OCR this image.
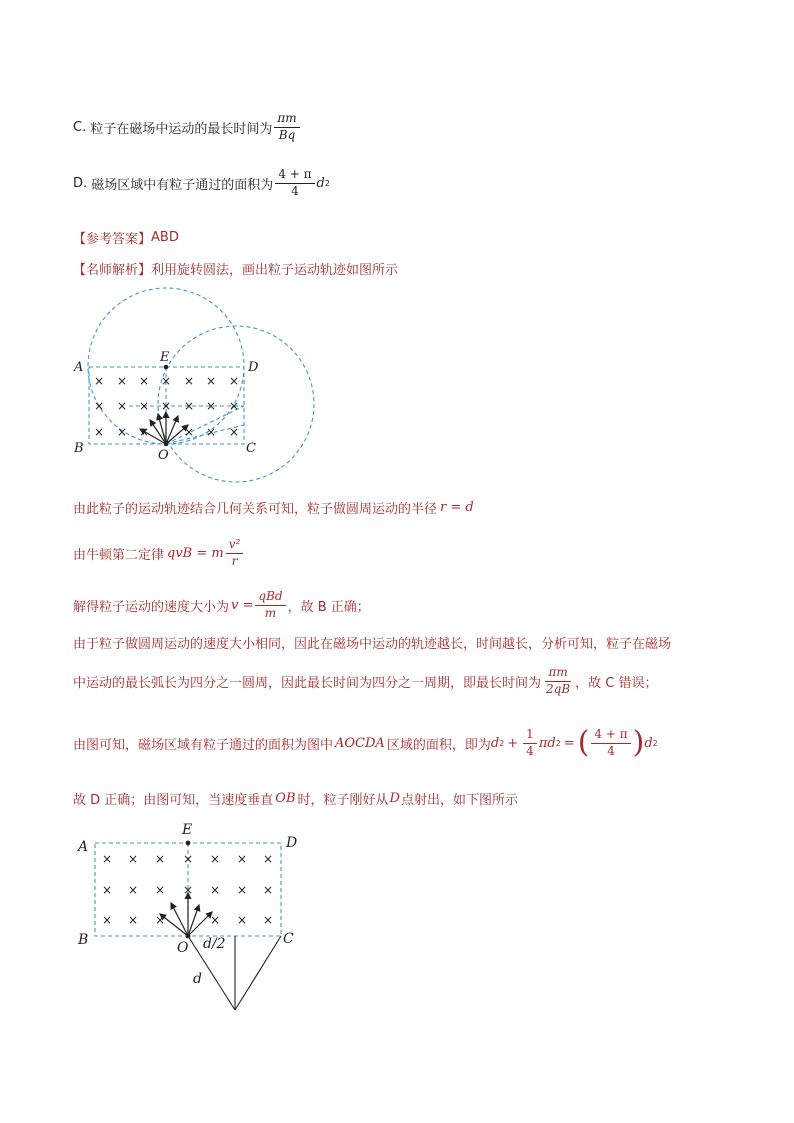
C.
粒子在磁场中运动的最长时间为 $\frac{\pi m}{Bq}$
D.
磁场区域中有粒子通过的面积为 $\frac{4 + \pi}{4}$ d 2
【参考答案】 ABD
【名师解析】 利用旋转圆法，画出粒子运动轨迹如图所示
× × × × × × ×
× × × × × × ×
× × ×	× × ×
A	D
E
B	C
O
由此粒子的运动轨迹结合几何关系可知，粒子做圆周运动的半径 r = d
由牛顿第二定律 qvB = m $\frac{\text{v²}}{r}$
解得粒子运动的速度大小为 $v = \frac{\text{qBd}}{m}$ ，故 B 正确；
由于粒子做圆周运动的速度大小相同，因此在磁场中运动的轨迹越长，时间越长，分析可知，粒子在磁场
中运动的最长弧长为四分之一圆周，因此最长时间为四分之一周期，即最长时间为 $\frac{\pi m}{2qB}$ ，故 C 错误；
由图可知，磁场区域有粒子通过的面积为图中 AOCDA 区域的面积，即为 d $2 + \frac{1}{4}$ πd 2 = ( $\frac{4 + \pi}{4}$ ) d 2
故 D 正确；由图可知，当速度垂直 OB 时，粒子刚好从 D 点射出，如下图所示
× × × × × × ×
× × × × × × ×
× × ×	× × ×
A	D
E
B	C
O d/2
d
